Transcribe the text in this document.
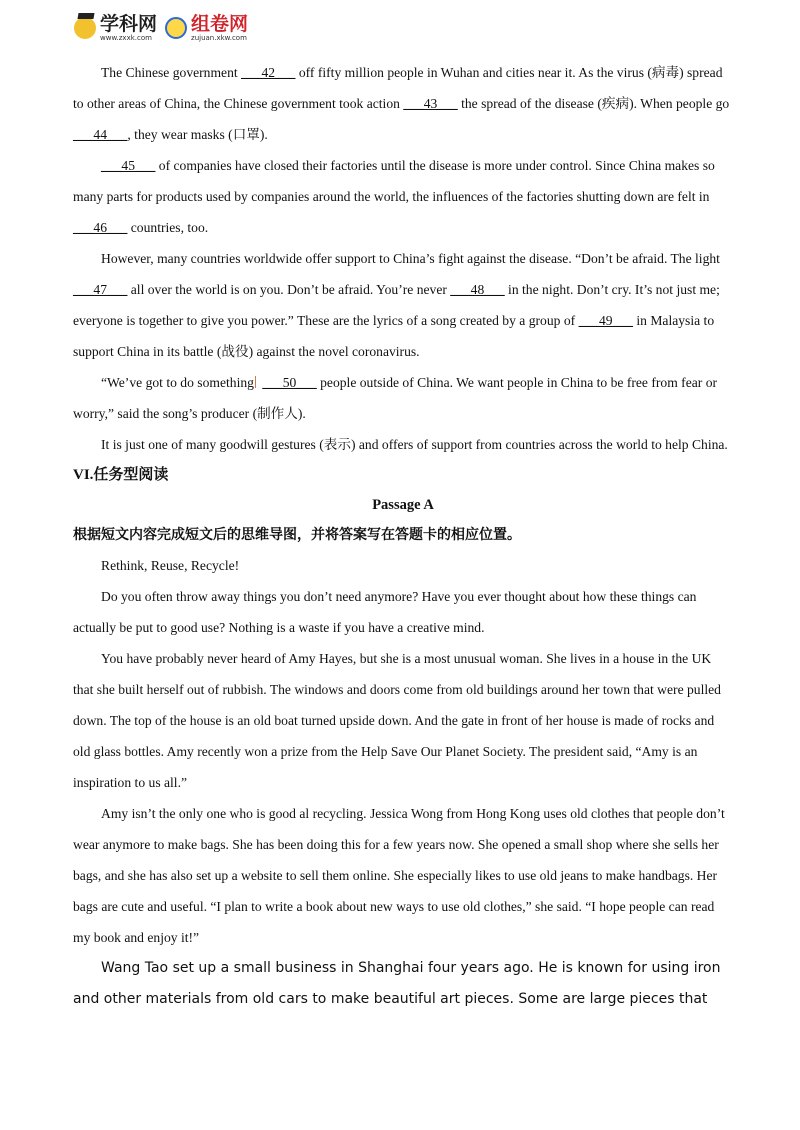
学科网
www.zxxk.com
组卷网
zujuan.xkw.com

The Chinese government ___42___ off fifty million people in Wuhan and cities near it. As the virus (病毒) spread to other areas of China, the Chinese government took action ___43___ the spread of the disease (疾病). When people go ___44___, they wear masks (口罩).

___45___ of companies have closed their factories until the disease is more under control. Since China makes so many parts for products used by companies around the world, the influences of the factories shutting down are felt in ___46___ countries, too.

However, many countries worldwide offer support to China’s fight against the disease. “Don’t be afraid. The light ___47___ all over the world is on you. Don’t be afraid. You’re never ___48___ in the night. Don’t cry. It’s not just me; everyone is together to give you power.” These are the lyrics of a song created by a group of ___49___ in Malaysia to support China in its battle (战役) against the novel coronavirus.

“We’ve got to do something ___50___ people outside of China. We want people in China to be free from fear or worry,” said the song’s producer (制作人).

It is just one of many goodwill gestures (表示) and offers of support from countries across the world to help China.

VI.任务型阅读

Passage A

根据短文内容完成短文后的思维导图，并将答案写在答题卡的相应位置。

Rethink, Reuse, Recycle!

Do you often throw away things you don’t need anymore? Have you ever thought about how these things can actually be put to good use? Nothing is a waste if you have a creative mind.

You have probably never heard of Amy Hayes, but she is a most unusual woman. She lives in a house in the UK that she built herself out of rubbish. The windows and doors come from old buildings around her town that were pulled down. The top of the house is an old boat turned upside down. And the gate in front of her house is made of rocks and old glass bottles. Amy recently won a prize from the Help Save Our Planet Society. The president said, “Amy is an inspiration to us all.”

Amy isn’t the only one who is good al recycling. Jessica Wong from Hong Kong uses old clothes that people don’t wear anymore to make bags. She has been doing this for a few years now. She opened a small shop where she sells her bags, and she has also set up a website to sell them online. She especially likes to use old jeans to make handbags. Her bags are cute and useful. “I plan to write a book about new ways to use old clothes,” she said. “I hope people can read my book and enjoy it!”

Wang Tao set up a small business in Shanghai four years ago. He is known for using iron and other materials from old cars to make beautiful art pieces. Some are large pieces that
